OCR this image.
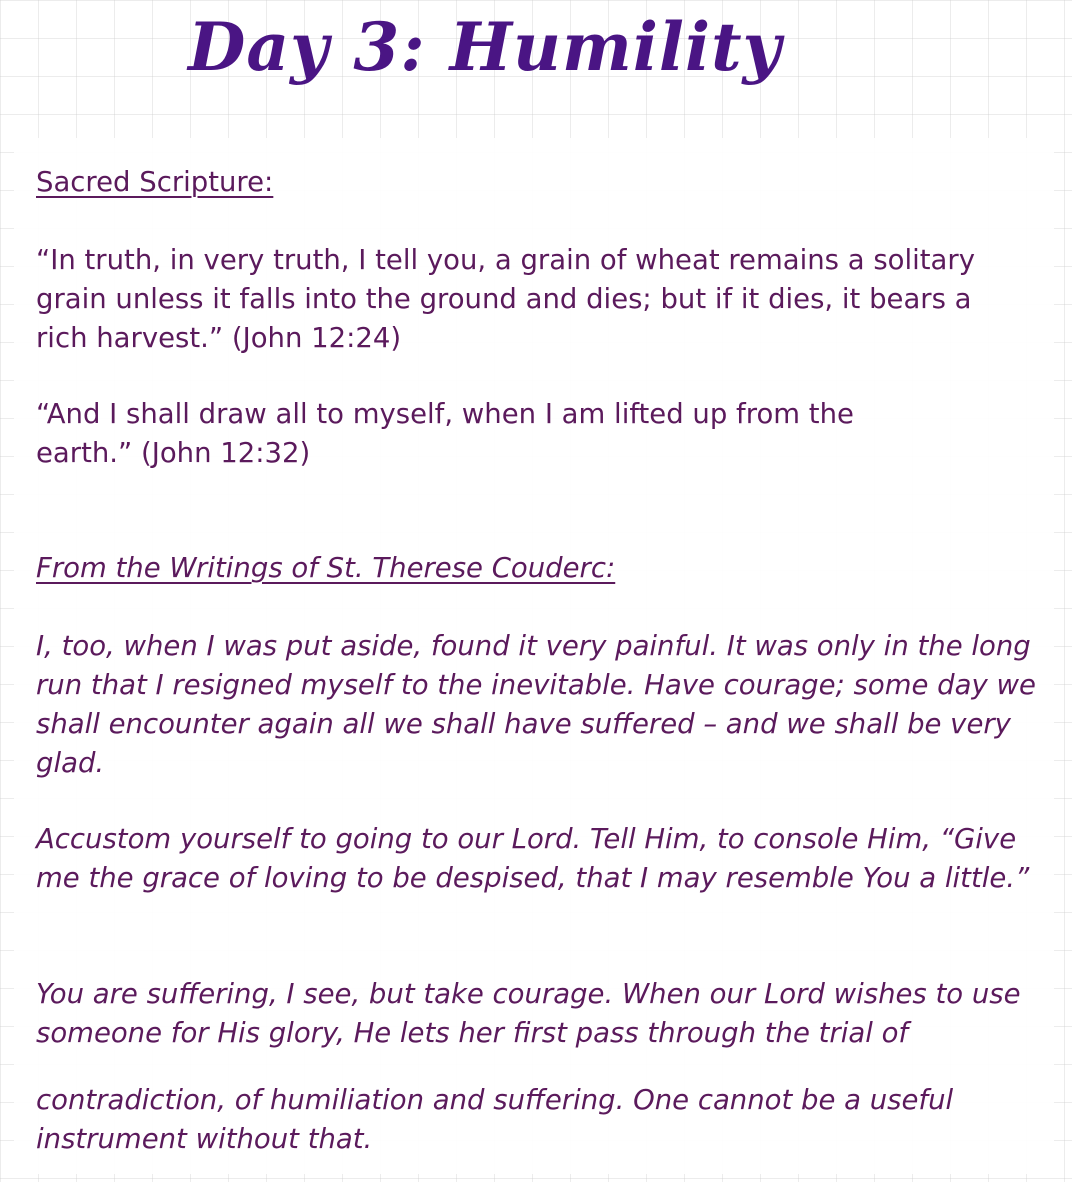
Day 3: Humility

Sacred Scripture:

“In truth, in very truth, I tell you, a grain of wheat remains a solitary grain unless it falls into the ground and dies; but if it dies, it bears a rich harvest.” (John 12:24)

“And I shall draw all to myself, when I am lifted up from the earth.” (John 12:32)

From the Writings of St. Therese Couderc:

I, too, when I was put aside, found it very painful. It was only in the long run that I resigned myself to the inevitable. Have courage; some day we shall encounter again all we shall have suffered – and we shall be very glad.

Accustom yourself to going to our Lord. Tell Him, to console Him, “Give me the grace of loving to be despised, that I may resemble You a little.”

You are suffering, I see, but take courage. When our Lord wishes to use someone for His glory, He lets her first pass through the trial of

contradiction, of humiliation and suffering. One cannot be a useful instrument without that.
